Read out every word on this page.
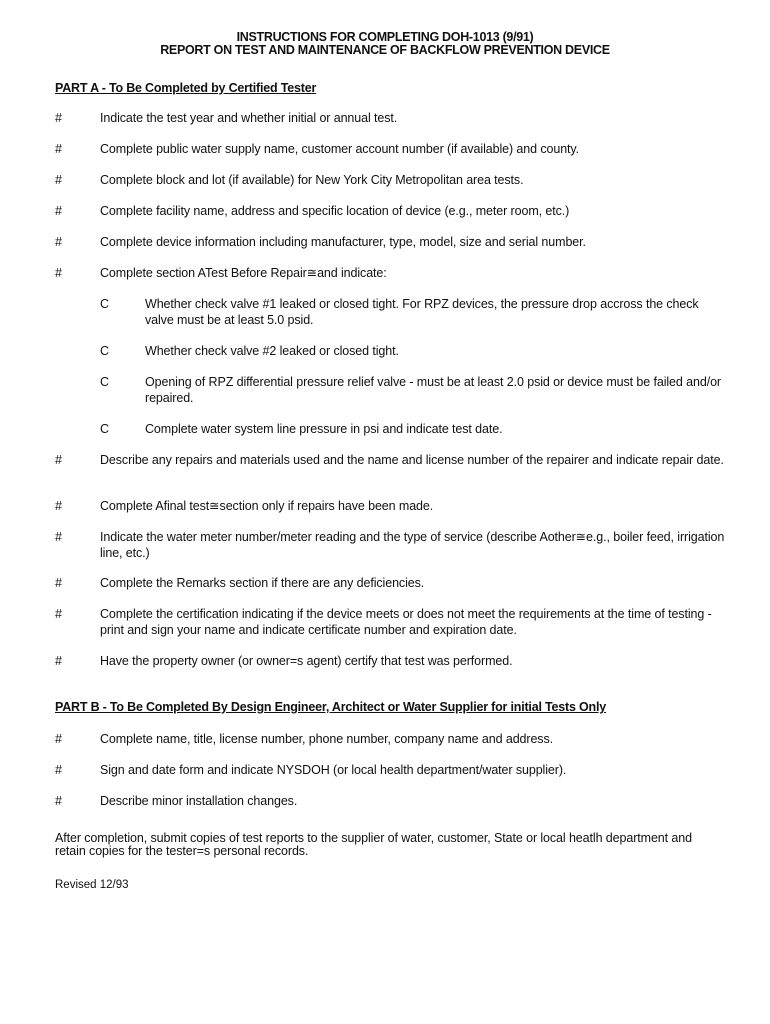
INSTRUCTIONS FOR COMPLETING DOH-1013 (9/91)
REPORT ON TEST AND MAINTENANCE OF BACKFLOW PREVENTION DEVICE
PART A - To Be Completed by Certified Tester
#	Indicate the test year and whether initial or annual test.
#	Complete public water supply name, customer account number (if available) and county.
#	Complete block and lot (if available) for New York City Metropolitan area tests.
#	Complete facility name, address and specific location of device (e.g., meter room, etc.)
#	Complete device information including manufacturer, type, model, size and serial number.
#	Complete section ATest Before Repair≅and indicate:
C	Whether check valve #1 leaked or closed tight. For RPZ devices, the pressure drop accross the check valve must be at least 5.0 psid.
C	Whether check valve #2 leaked or closed tight.
C	Opening of RPZ differential pressure relief valve - must be at least 2.0 psid or device must be failed and/or repaired.
C	Complete water system line pressure in psi and indicate test date.
#	Describe any repairs and materials used and the name and license number of the repairer and indicate repair date.
#	Complete Afinal test≅section only if repairs have been made.
#	Indicate the water meter number/meter reading and the type of service (describe Aother≅e.g., boiler feed, irrigation line, etc.)
#	Complete the Remarks section if there are any deficiencies.
#	Complete the certification indicating if the device meets or does not meet the requirements at the time of testing - print and sign your name and indicate certificate number and expiration date.
#	Have the property owner (or owner=s agent) certify that test was performed.
PART B - To Be Completed By Design Engineer, Architect or Water Supplier for initial Tests Only
#	Complete name, title, license number, phone number, company name and address.
#	Sign and date form and indicate NYSDOH (or local health department/water supplier).
#	Describe minor installation changes.
After completion, submit copies of test reports to the supplier of water, customer, State or local heatlh department and retain copies for the tester=s personal records.
Revised 12/93
